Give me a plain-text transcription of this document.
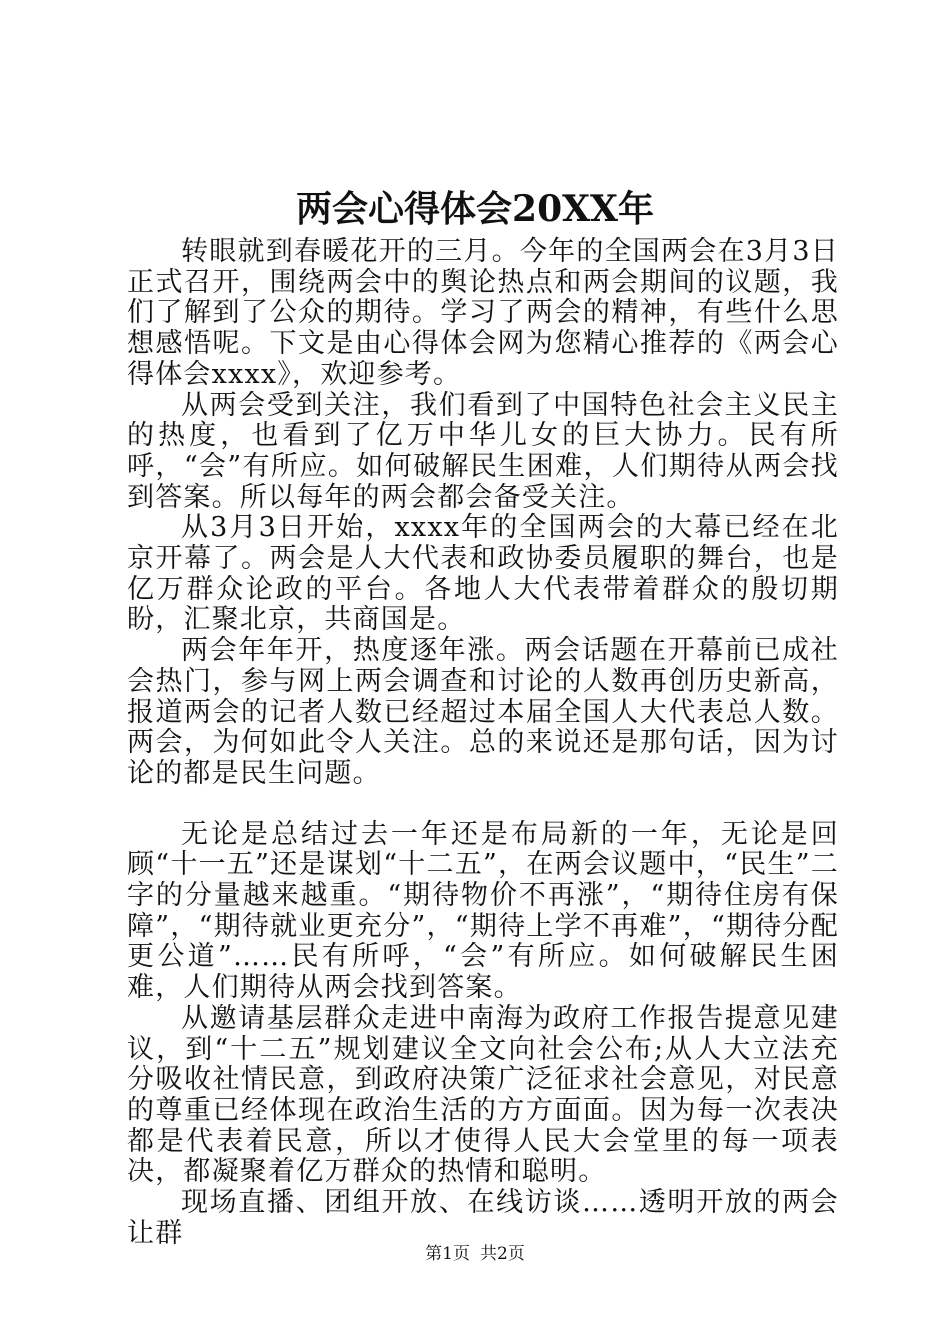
两会心得体会20XX年

转眼就到春暖花开的三月。今年的全国两会在3月3日正式召开，围绕两会中的舆论热点和两会期间的议题，我们了解到了公众的期待。学习了两会的精神，有些什么思想感悟呢。下文是由心得体会网为您精心推荐的《两会心得体会xxxx》，欢迎参考。

从两会受到关注，我们看到了中国特色社会主义民主的热度，也看到了亿万中华儿女的巨大协力。民有所呼，“会”有所应。如何破解民生困难，人们期待从两会找到答案。所以每年的两会都会备受关注。

从3月3日开始，xxxx年的全国两会的大幕已经在北京开幕了。两会是人大代表和政协委员履职的舞台，也是亿万群众论政的平台。各地人大代表带着群众的殷切期盼，汇聚北京，共商国是。

两会年年开，热度逐年涨。两会话题在开幕前已成社会热门，参与网上两会调查和讨论的人数再创历史新高，报道两会的记者人数已经超过本届全国人大代表总人数。两会，为何如此令人关注。总的来说还是那句话，因为讨论的都是民生问题。

无论是总结过去一年还是布局新的一年，无论是回顾“十一五”还是谋划“十二五”，在两会议题中，“民生”二字的分量越来越重。“期待物价不再涨”，“期待住房有保障”，“期待就业更充分”，“期待上学不再难”，“期待分配更公道”……民有所呼，“会”有所应。如何破解民生困难，人们期待从两会找到答案。

从邀请基层群众走进中南海为政府工作报告提意见建议，到“十二五”规划建议全文向社会公布;从人大立法充分吸收社情民意，到政府决策广泛征求社会意见，对民意的尊重已经体现在政治生活的方方面面。因为每一次表决都是代表着民意，所以才使得人民大会堂里的每一项表决，都凝聚着亿万群众的热情和聪明。

现场直播、团组开放、在线访谈……透明开放的两会让群

第1页 共2页
